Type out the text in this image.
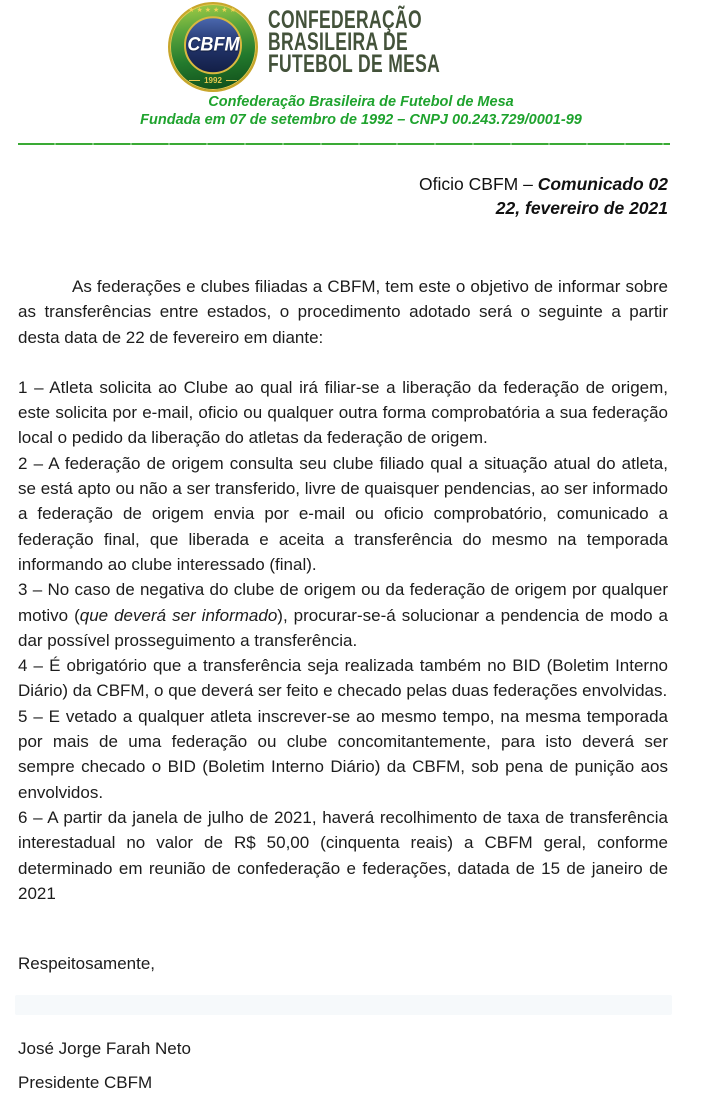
★★★★★★
CBFM
1992
CONFEDERAÇÃO
BRASILEIRA DE
FUTEBOL DE MESA
Confederação Brasileira de Futebol de Mesa
Fundada em 07 de setembro de 1992 – CNPJ 00.243.729/0001-99
Oficio CBFM – Comunicado 02
22, fevereiro de 2021

As federações e clubes filiadas a CBFM, tem este o objetivo de informar sobre as transferências entre estados, o procedimento adotado será o seguinte a partir desta data de 22 de fevereiro em diante:

1 – Atleta solicita ao Clube ao qual irá filiar-se a liberação da federação de origem, este solicita por e-mail, oficio ou qualquer outra forma comprobatória a sua federação local o pedido da liberação do atletas da federação de origem.
2 – A federação de origem consulta seu clube filiado qual a situação atual do atleta, se está apto ou não a ser transferido, livre de quaisquer pendencias, ao ser informado a federação de origem envia por e-mail ou oficio comprobatório, comunicado a federação final, que liberada e aceita a transferência do mesmo na temporada informando ao clube interessado (final).
3 – No caso de negativa do clube de origem ou da federação de origem por qualquer motivo (que deverá ser informado), procurar-se-á solucionar a pendencia de modo a dar possível prosseguimento a transferência.
4 – É obrigatório que a transferência seja realizada também no BID (Boletim Interno Diário) da CBFM, o que deverá ser feito e checado pelas duas federações envolvidas.
5 – E vetado a qualquer atleta inscrever-se ao mesmo tempo, na mesma temporada por mais de uma federação ou clube concomitantemente, para isto deverá ser sempre checado o BID (Boletim Interno Diário) da CBFM, sob pena de punição aos envolvidos.
6 – A partir da janela de julho de 2021, haverá recolhimento de taxa de transferência interestadual no valor de R$ 50,00 (cinquenta reais) a CBFM geral, conforme determinado em reunião de confederação e federações, datada de 15 de janeiro de 2021

Respeitosamente,

José Jorge Farah Neto

Presidente CBFM
